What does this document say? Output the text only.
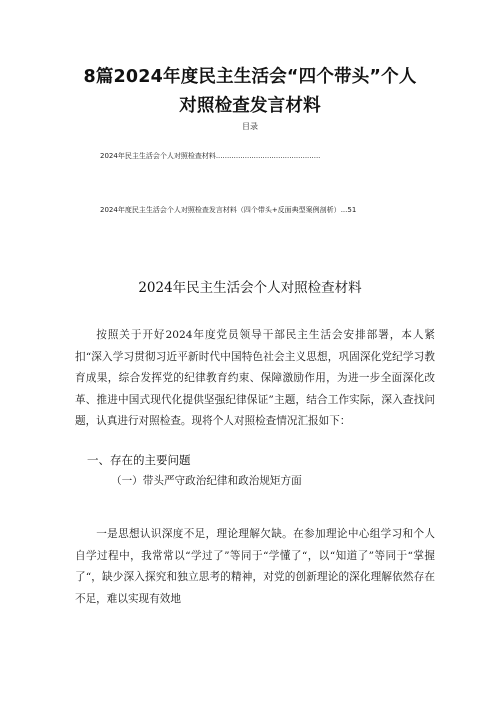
8篇2024年度民主生活会“四个带头”个人
对照检查发言材料
目录
2024年民主生活会个人对照检查材料...............................................
2024年度民主生活会个人对照检查发言材料（四个带头+反面典型案例剖析）...51
2024年民主生活会个人对照检查材料
按照关于开好2024年度党员领导干部民主生活会安排部署，本人紧扣“深入学习贯彻习近平新时代中国特色社会主义思想，巩固深化党纪学习教育成果，综合发挥党的纪律教育约束、保障激励作用，为进一步全面深化改革、推进中国式现代化提供坚强纪律保证”主题，结合工作实际，深入查找问题，认真进行对照检查。现将个人对照检查情况汇报如下：
一、存在的主要问题
（一）带头严守政治纪律和政治规矩方面
一是思想认识深度不足，理论理解欠缺。在参加理论中心组学习和个人自学过程中，我常常以“学过了”等同于“学懂了“，以“知道了”等同于“掌握了“，缺少深入探究和独立思考的精神，对党的创新理论的深化理解依然存在不足，难以实现有效地
